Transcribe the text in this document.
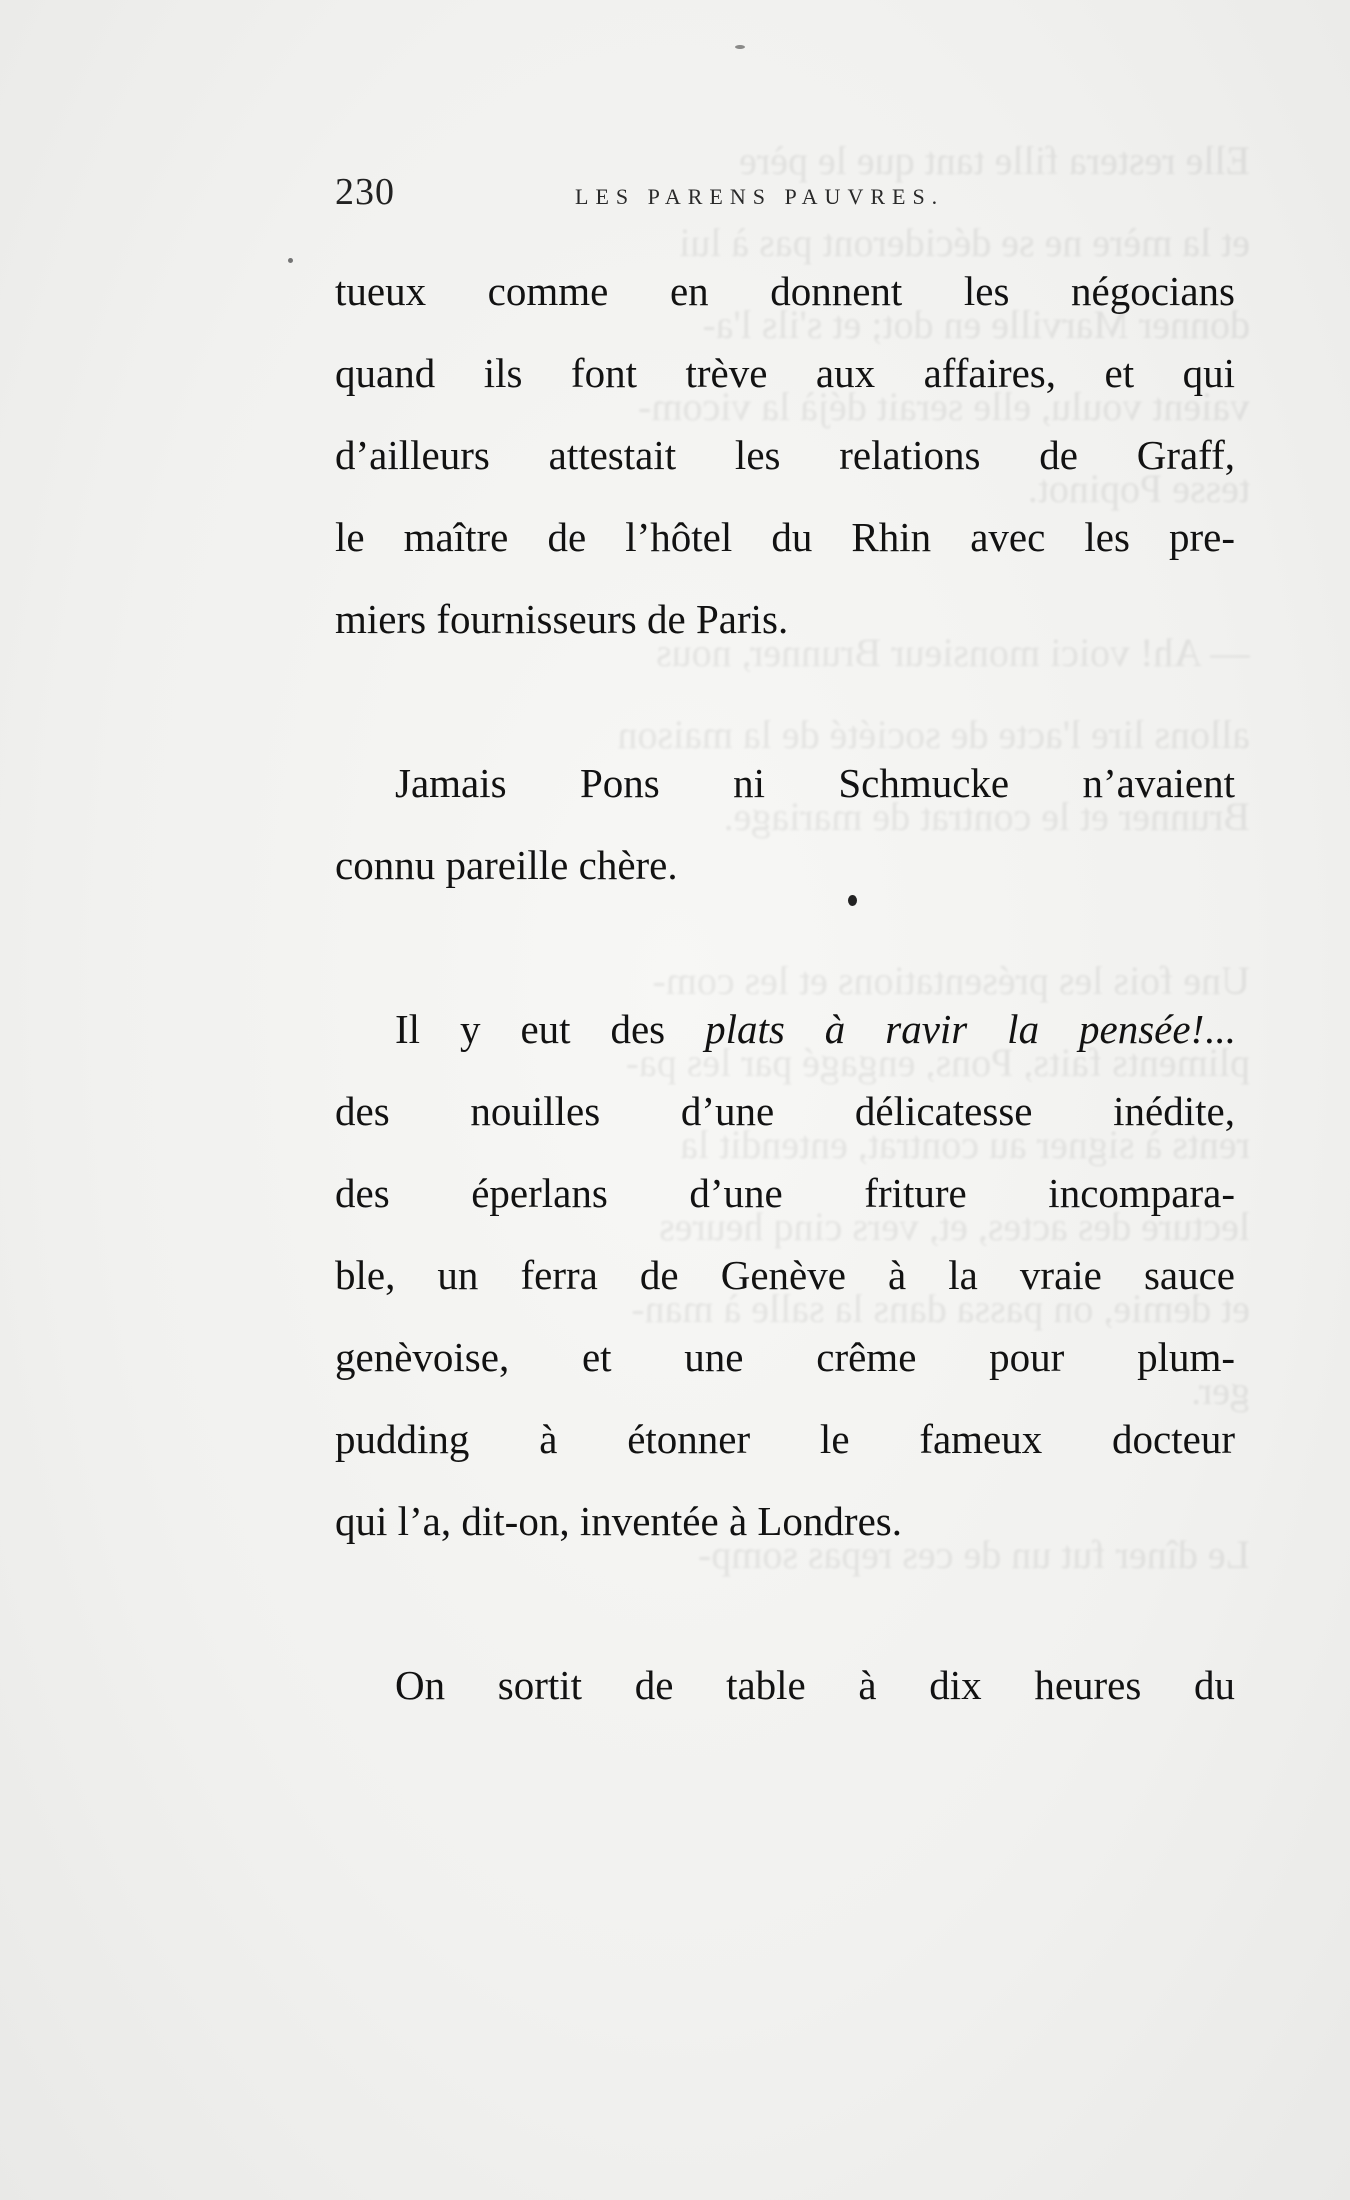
Elle restera fille tant que le père
et la mère ne se décideront pas à lui
donner Marville en dot; et s'ils l'a-
vaient voulu, elle serait déjà la vicom-
tesse Popinot.

— Ah! voici monsieur Brunner, nous
allons lire l'acte de société de la maison
Brunner et le contrat de mariage.

Une fois les présentations et les com-
pliments faits, Pons, engagé par les pa-
rents à signer au contrat, entendit la
lecture des actes, et, vers cinq heures
et demie, on passa dans la salle à man-
ger.

Le dîner fut un de ces repas somp-
230	LES PARENS PAUVRES.
tueux comme en donnent les négocians
quand ils font trève aux affaires, et qui
d’ailleurs attestait les relations de Graff,
le maître de l’hôtel du Rhin avec les pre-
miers fournisseurs de Paris.
Jamais Pons ni Schmucke n’avaient
connu pareille chère.
Il y eut des plats à ravir la pensée!...
des nouilles d’une délicatesse inédite,
des éperlans d’une friture incompara-
ble, un ferra de Genève à la vraie sauce
genèvoise, et une crême pour plum-
pudding à étonner le fameux docteur
qui l’a, dit-on, inventée à Londres.
On sortit de table à dix heures du
